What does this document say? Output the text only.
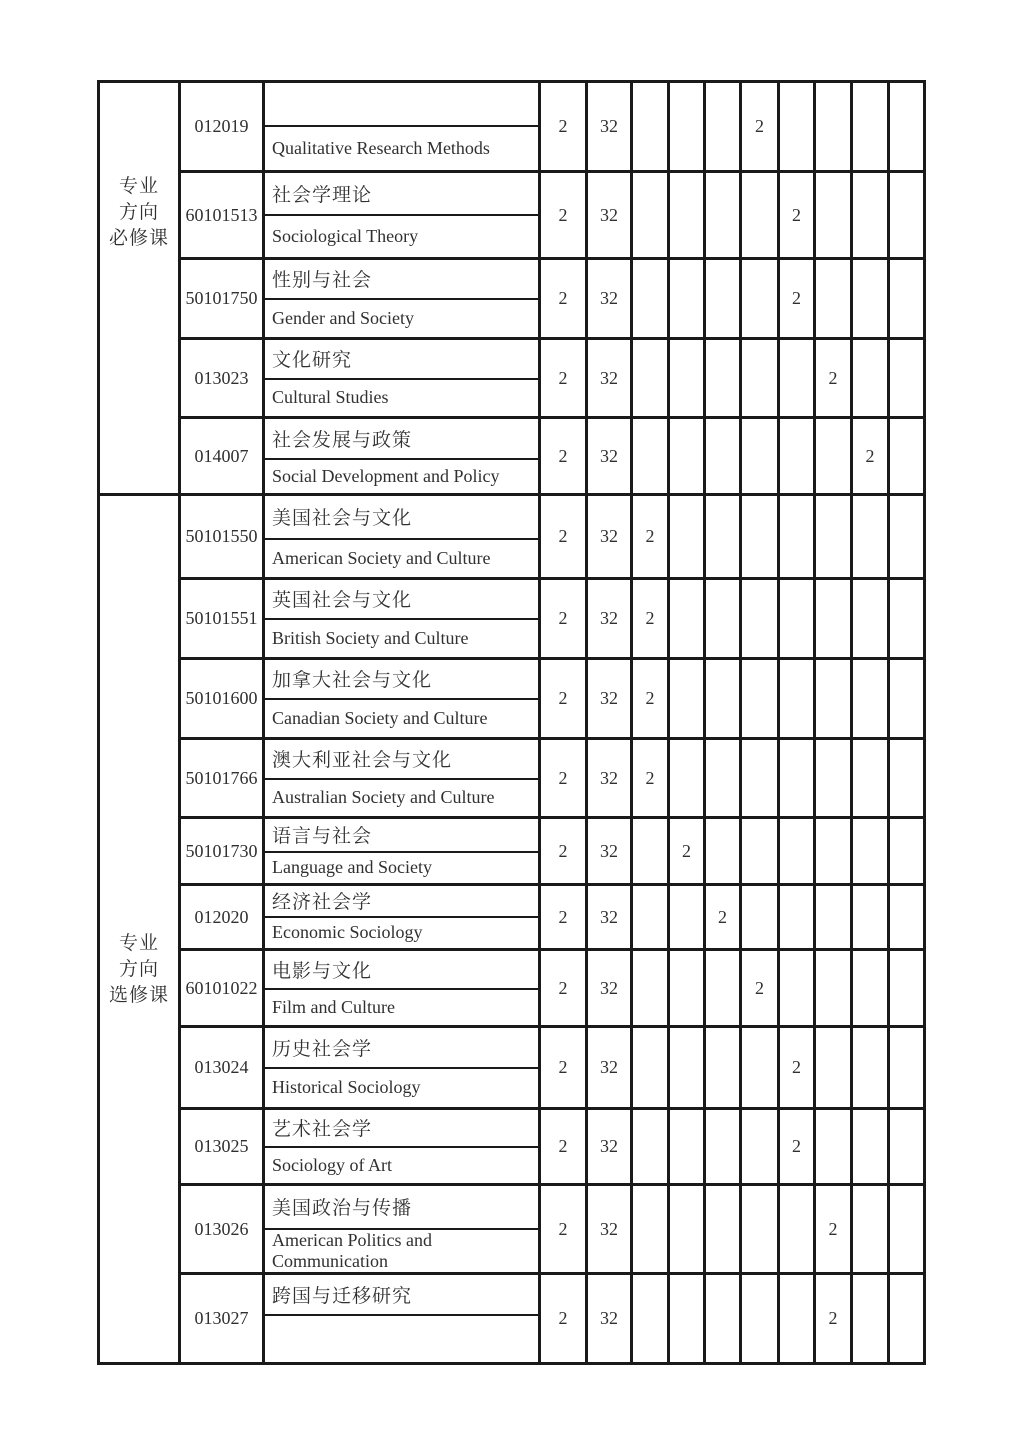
专业
方向
必修课	012019		2	32				2				
		Qualitative Research Methods										
	60101513	社会学理论	2	32					2			
		Sociological Theory										
	50101750	性别与社会	2	32					2			
		Gender and Society										
	013023	文化研究	2	32						2		
		Cultural Studies										
	014007	社会发展与政策	2	32							2	
		Social Development and Policy										

专业
方向
选修课	50101550	美国社会与文化	2	32	2							
		American Society and Culture										
	50101551	英国社会与文化	2	32	2							
		British Society and Culture										
	50101600	加拿大社会与文化	2	32	2							
		Canadian Society and Culture										
	50101766	澳大利亚社会与文化	2	32	2							
		Australian Society and Culture										
	50101730	语言与社会	2	32		2						
		Language and Society										
	012020	经济社会学	2	32			2					
		Economic Sociology										
	60101022	电影与文化	2	32				2				
		Film and Culture										
	013024	历史社会学	2	32					2			
		Historical Sociology										
	013025	艺术社会学	2	32					2			
		Sociology of Art										
	013026	美国政治与传播	2	32						2		
		American Politics and Communication										
	013027	跨国与迁移研究	2	32						2		
